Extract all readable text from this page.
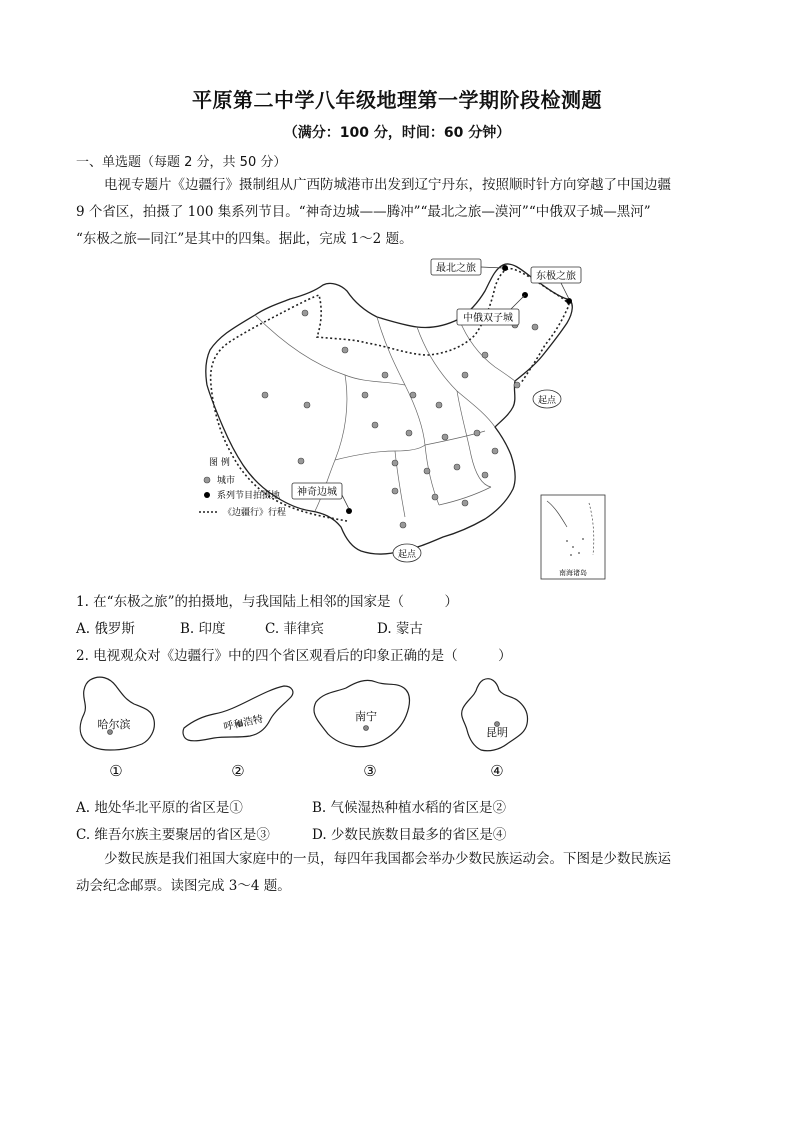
平原第二中学八年级地理第一学期阶段检测题
（满分：100 分，时间：60 分钟）
一、单选题（每题 2 分，共 50 分）
电视专题片《边疆行》摄制组从广西防城港市出发到辽宁丹东，按照顺时针方向穿越了中国边疆
9 个省区，拍摄了 100 集系列节目。“神奇边城——腾冲”“最北之旅—漠河”“中俄双子城—黑河”
“东极之旅—同江”是其中的四集。据此，完成 1～2 题。
最北之旅
东极之旅
中俄双子城
神奇边城
起点
起点
图 例
城市
系列节目拍摄地
《边疆行》行程
南海诸岛
1. 在“东极之旅”的拍摄地，与我国陆上相邻的国家是（　　　）
A. 俄罗斯	B. 印度	C. 菲律宾	D. 蒙古
2. 电视观众对《边疆行》中的四个省区观看后的印象正确的是（　　　）
哈尔滨	呼和浩特	南宁
昆明
①	②	③	④
A. 地处华北平原的省区是①	B. 气候湿热种植水稻的省区是②
C. 维吾尔族主要聚居的省区是③	D. 少数民族数目最多的省区是④
少数民族是我们祖国大家庭中的一员，每四年我国都会举办少数民族运动会。下图是少数民族运
动会纪念邮票。读图完成 3～4 题。
